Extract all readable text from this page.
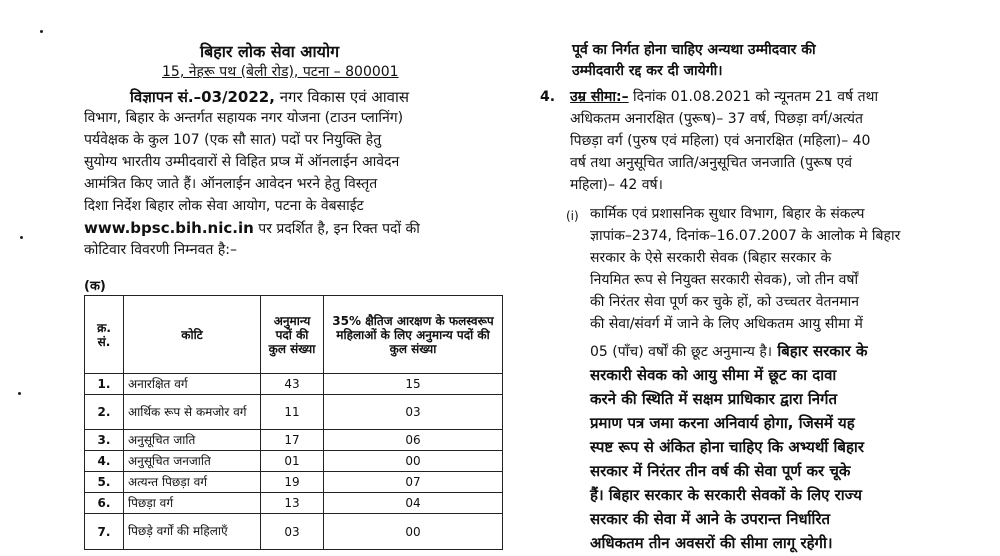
बिहार लोक सेवा आयोग
15, नेहरू पथ (बेली रोड), पटना – 800001
विज्ञापन सं.–03/2022, नगर विकास एवं आवास
विभाग, बिहार के अन्तर्गत सहायक नगर योजना (टाउन प्लानिंग)
पर्यवेक्षक के कुल 107 (एक सौ सात) पदों पर नियुक्ति हेतु
सुयोग्य भारतीय उम्मीदवारों से विहित प्रप्त्र में ऑनलाईन आवेदन
आमंत्रित किए जाते हैं। ऑनलाईन आवेदन भरने हेतु विस्तृत
दिशा निर्देश बिहार लोक सेवा आयोग, पटना के वेबसाईट
www.bpsc.bih.nic.in पर प्रदर्शित है, इन रिक्त पदों की
कोटिवार विवरणी निम्नवत है:–
(क)
क्र. सं.	कोटि	अनुमान्य पदों की कुल संख्या	35% क्षैतिज आरक्षण के फलस्वरूप महिलाओं के लिए अनुमान्य पदों की कुल संख्या
1.	अनारक्षित वर्ग	43	15
2.	आर्थिक रूप से कमजोर वर्ग	11	03
3.	अनुसूचित जाति	17	06
4.	अनुसूचित जनजाति	01	00
5.	अत्यन्त पिछड़ा वर्ग	19	07
6.	पिछड़ा वर्ग	13	04
7.	पिछड़े वर्गों की महिलाएँ	03	00
पूर्व का निर्गत होना चाहिए अन्यथा उम्मीदवार की
उम्मीदवारी रद्द कर दी जायेगी।
4. उम्र सीमा:– दिनांक 01.08.2021 को न्यूनतम 21 वर्ष तथा
अधिकतम अनारक्षित (पुरूष)– 37 वर्ष, पिछड़ा वर्ग/अत्यंत
पिछड़ा वर्ग (पुरुष एवं महिला) एवं अनारक्षित (महिला)– 40
वर्ष तथा अनुसूचित जाति/अनुसूचित जनजाति (पुरूष एवं
महिला)– 42 वर्ष।
(i) कार्मिक एवं प्रशासनिक सुधार विभाग, बिहार के संकल्प
ज्ञापांक–2374, दिनांक–16.07.2007 के आलोक मे बिहार
सरकार के ऐसे सरकारी सेवक (बिहार सरकार के
नियमित रूप से नियुक्त सरकारी सेवक), जो तीन वर्षों
की निरंतर सेवा पूर्ण कर चुके हों, को उच्चतर वेतनमान
की सेवा/संवर्ग में जाने के लिए अधिकतम आयु सीमा में
05 (पाँच) वर्षों की छूट अनुमान्य है। बिहार सरकार के
सरकारी सेवक को आयु सीमा में छूट का दावा
करने की स्थिति में सक्षम प्राधिकार द्वारा निर्गत
प्रमाण पत्र जमा करना अनिवार्य होगा, जिसमें यह
स्पष्ट रूप से अंकित होना चाहिए कि अभ्यर्थी बिहार
सरकार में निरंतर तीन वर्ष की सेवा पूर्ण कर चूके
हैं। बिहार सरकार के सरकारी सेवकों के लिए राज्य
सरकार की सेवा में आने के उपरान्त निर्धारित
अधिकतम तीन अवसरों की सीमा लागू रहेगी।
